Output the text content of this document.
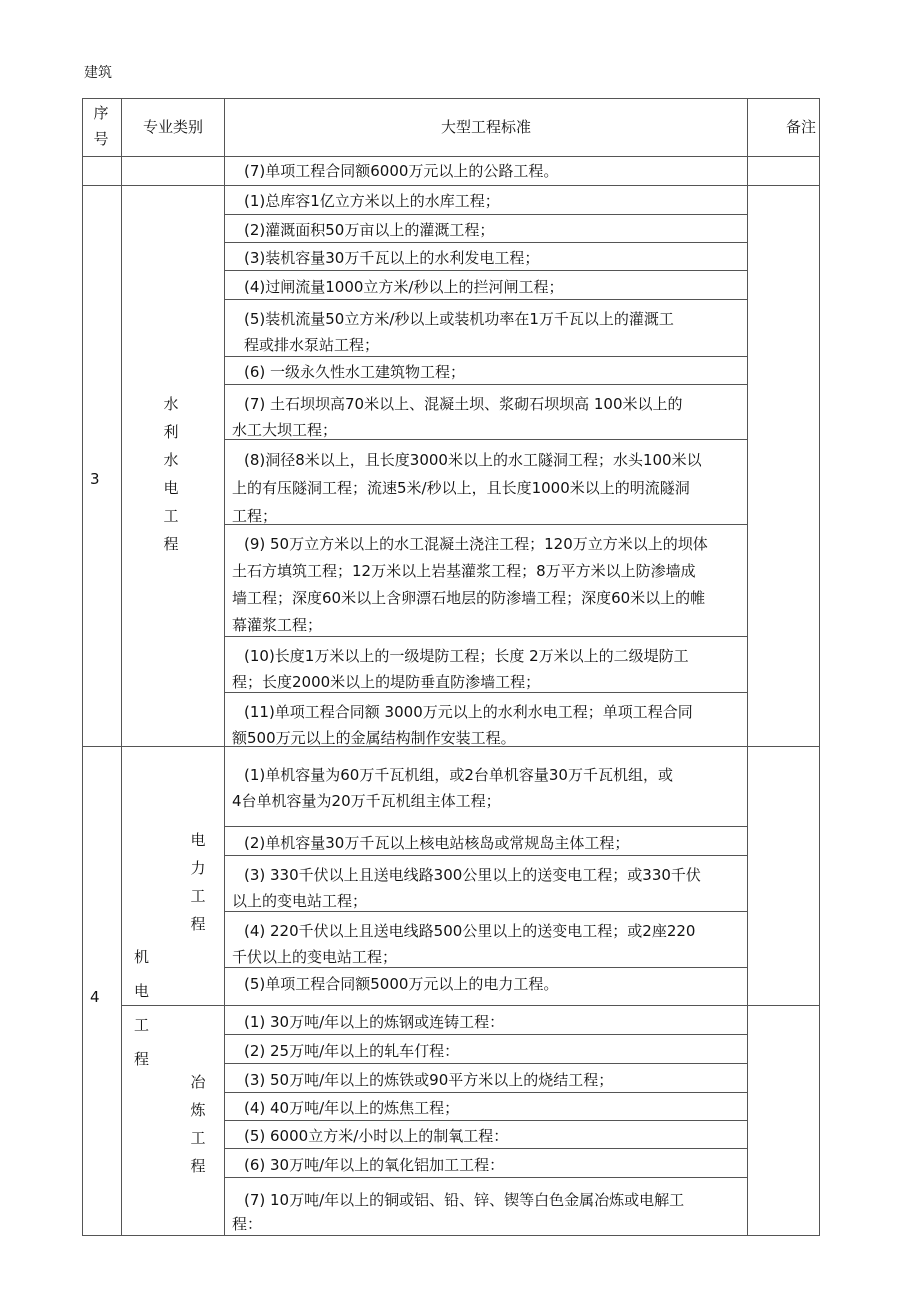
建筑
序号
专业类别	大型工程标准	备注
(7)单项工程合同额6000万元以上的公路工程。
3
水利水电工程
(1)总库容1亿立方米以上的水库工程；
(2)灌溉面积50万亩以上的灌溉工程；
(3)装机容量30万千瓦以上的水利发电工程；
(4)过闸流量1000立方米/秒以上的拦河闸工程；
(5)装机流量50立方米/秒以上或装机功率在1万千瓦以上的灌溉工程或排水泵站工程；
(6) 一级永久性水工建筑物工程；
(7) 土石坝坝高70米以上、混凝土坝、浆砌石坝坝高 100米以上的水工大坝工程；
(8)洞径8米以上，且长度3000米以上的水工隧洞工程；水头100米以上的有压隧洞工程；流速5米/秒以上，且长度1000米以上的明流隧洞工程；
(9) 50万立方米以上的水工混凝土浇注工程；120万立方米以上的坝体土石方填筑工程；12万米以上岩基灌浆工程；8万平方米以上防渗墙成墙工程；深度60米以上含卵漂石地层的防渗墙工程；深度60米以上的帷幕灌浆工程；
(10)长度1万米以上的一级堤防工程；长度 2万米以上的二级堤防工程；长度2000米以上的堤防垂直防渗墙工程；
(11)单项工程合同额 3000万元以上的水利水电工程；单项工程合同额500万元以上的金属结构制作安装工程。
4
机电工程
电力工程
冶炼工程
(1)单机容量为60万千瓦机组，或2台单机容量30万千瓦机组，或4台单机容量为20万千瓦机组主体工程；
(2)单机容量30万千瓦以上核电站核岛或常规岛主体工程；
(3) 330千伏以上且送电线路300公里以上的送变电工程；或330千伏以上的变电站工程；
(4) 220千伏以上且送电线路500公里以上的送变电工程；或2座220千伏以上的变电站工程；
(5)单项工程合同额5000万元以上的电力工程。
(1) 30万吨/年以上的炼钢或连铸工程：
(2) 25万吨/年以上的轧车仃程：
(3) 50万吨/年以上的炼铁或90平方米以上的烧结工程；
(4) 40万吨/年以上的炼焦工程；
(5) 6000立方米/小时以上的制氧工程：
(6) 30万吨/年以上的氧化铝加工工程：
(7) 10万吨/年以上的铜或铝、铅、锌、锲等白色金属冶炼或电解工程：
